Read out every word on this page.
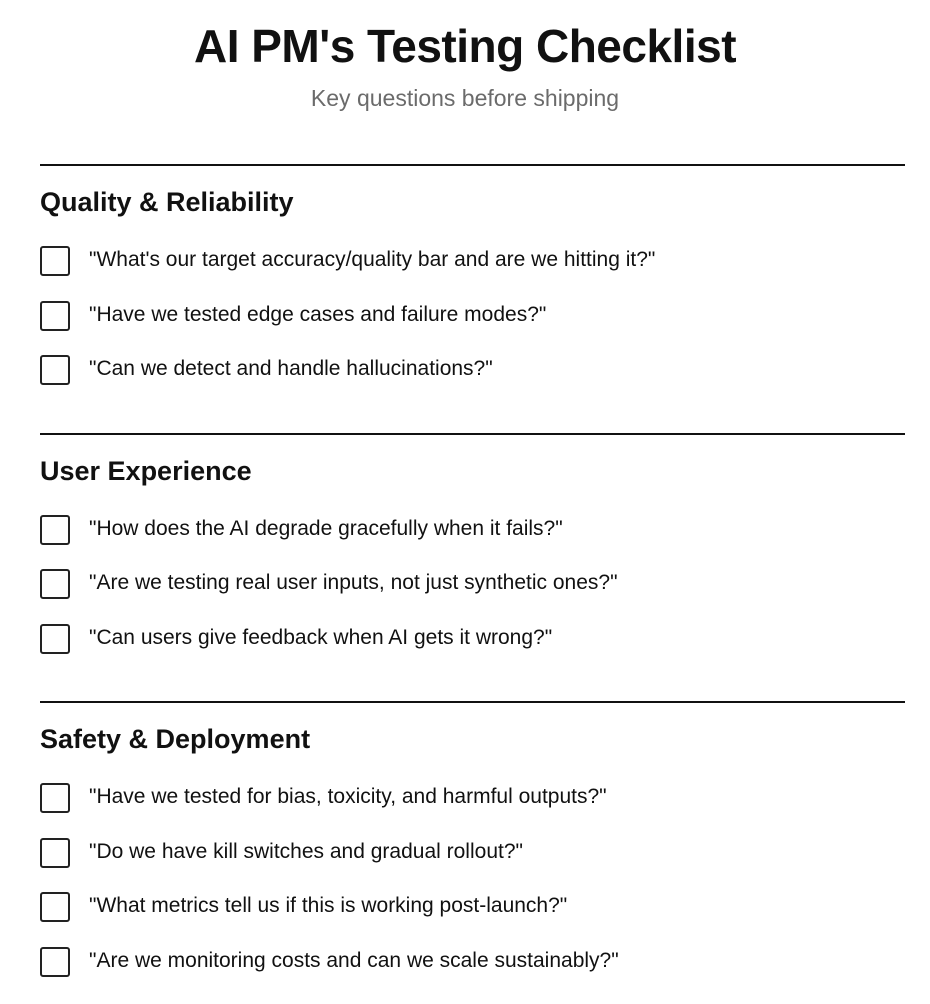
AI PM's Testing Checklist

Key questions before shipping

Quality & Reliability
"What's our target accuracy/quality bar and are we hitting it?"
"Have we tested edge cases and failure modes?"
"Can we detect and handle hallucinations?"
User Experience
"How does the AI degrade gracefully when it fails?"
"Are we testing real user inputs, not just synthetic ones?"
"Can users give feedback when AI gets it wrong?"
Safety & Deployment
"Have we tested for bias, toxicity, and harmful outputs?"
"Do we have kill switches and gradual rollout?"
"What metrics tell us if this is working post-launch?"
"Are we monitoring costs and can we scale sustainably?"
